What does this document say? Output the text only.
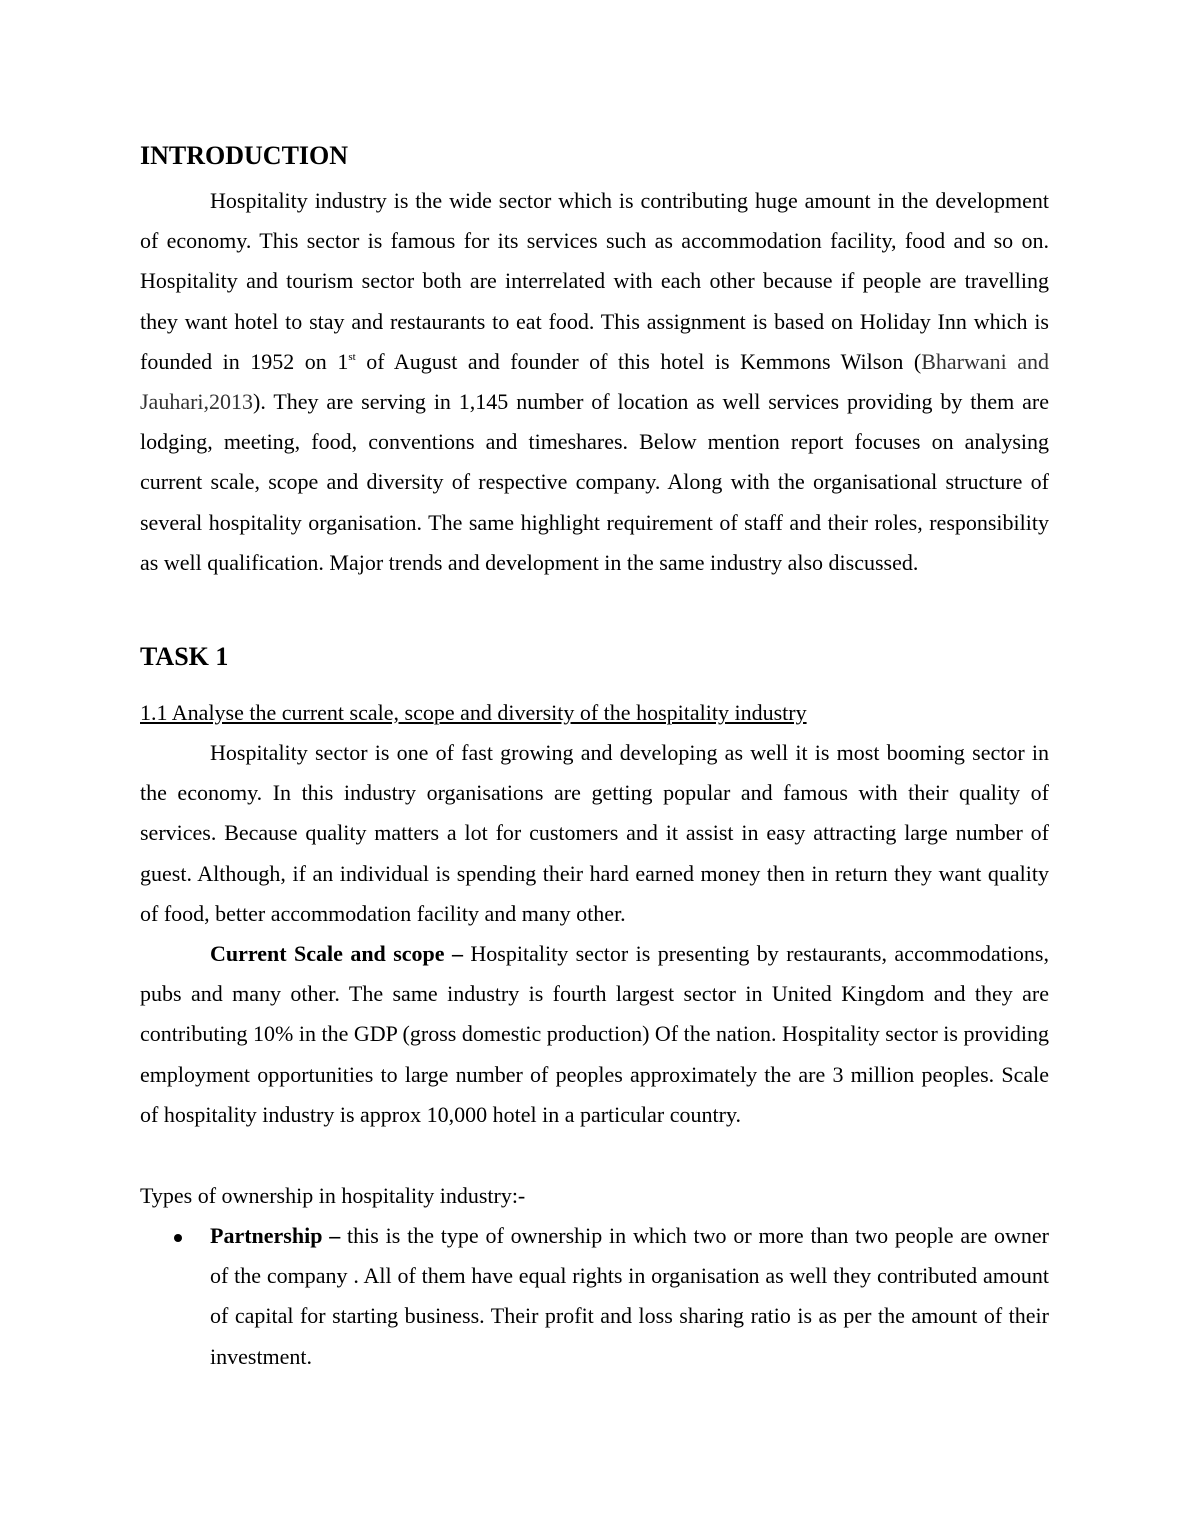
INTRODUCTION

Hospitality industry is the wide sector which is contributing huge amount in the development of economy. This sector is famous for its services such as accommodation facility, food and so on. Hospitality and tourism sector both are interrelated with each other because if people are travelling they want hotel to stay and restaurants to eat food. This assignment is based on Holiday Inn which is founded in 1952 on 1st of August and founder of this hotel is Kemmons Wilson (Bharwani and Jauhari,2013). They are serving in 1,145 number of location as well services providing by them are lodging, meeting, food, conventions and timeshares. Below mention report focuses on analysing current scale, scope and diversity of respective company. Along with the organisational structure of several hospitality organisation. The same highlight requirement of staff and their roles, responsibility as well qualification. Major trends and development in the same industry also discussed.

TASK 1

1.1 Analyse the current scale, scope and diversity of the hospitality industry

Hospitality sector is one of fast growing and developing as well it is most booming sector in the economy. In this industry organisations are getting popular and famous with their quality of services. Because quality matters a lot for customers and it assist in easy attracting large number of guest. Although, if an individual is spending their hard earned money then in return they want quality of food, better accommodation facility and many other.

Current Scale and scope – Hospitality sector is presenting by restaurants, accommodations, pubs and many other. The same industry is fourth largest sector in United Kingdom and they are contributing 10% in the GDP (gross domestic production) Of the nation. Hospitality sector is providing employment opportunities to large number of peoples approximately the are 3 million peoples. Scale of hospitality industry is approx 10,000 hotel in a particular country.

Types of ownership in hospitality industry:-

Partnership – this is the type of ownership in which two or more than two people are owner of the company . All of them have equal rights in organisation as well they contributed amount of capital for starting business. Their profit and loss sharing ratio is as per the amount of their investment.
